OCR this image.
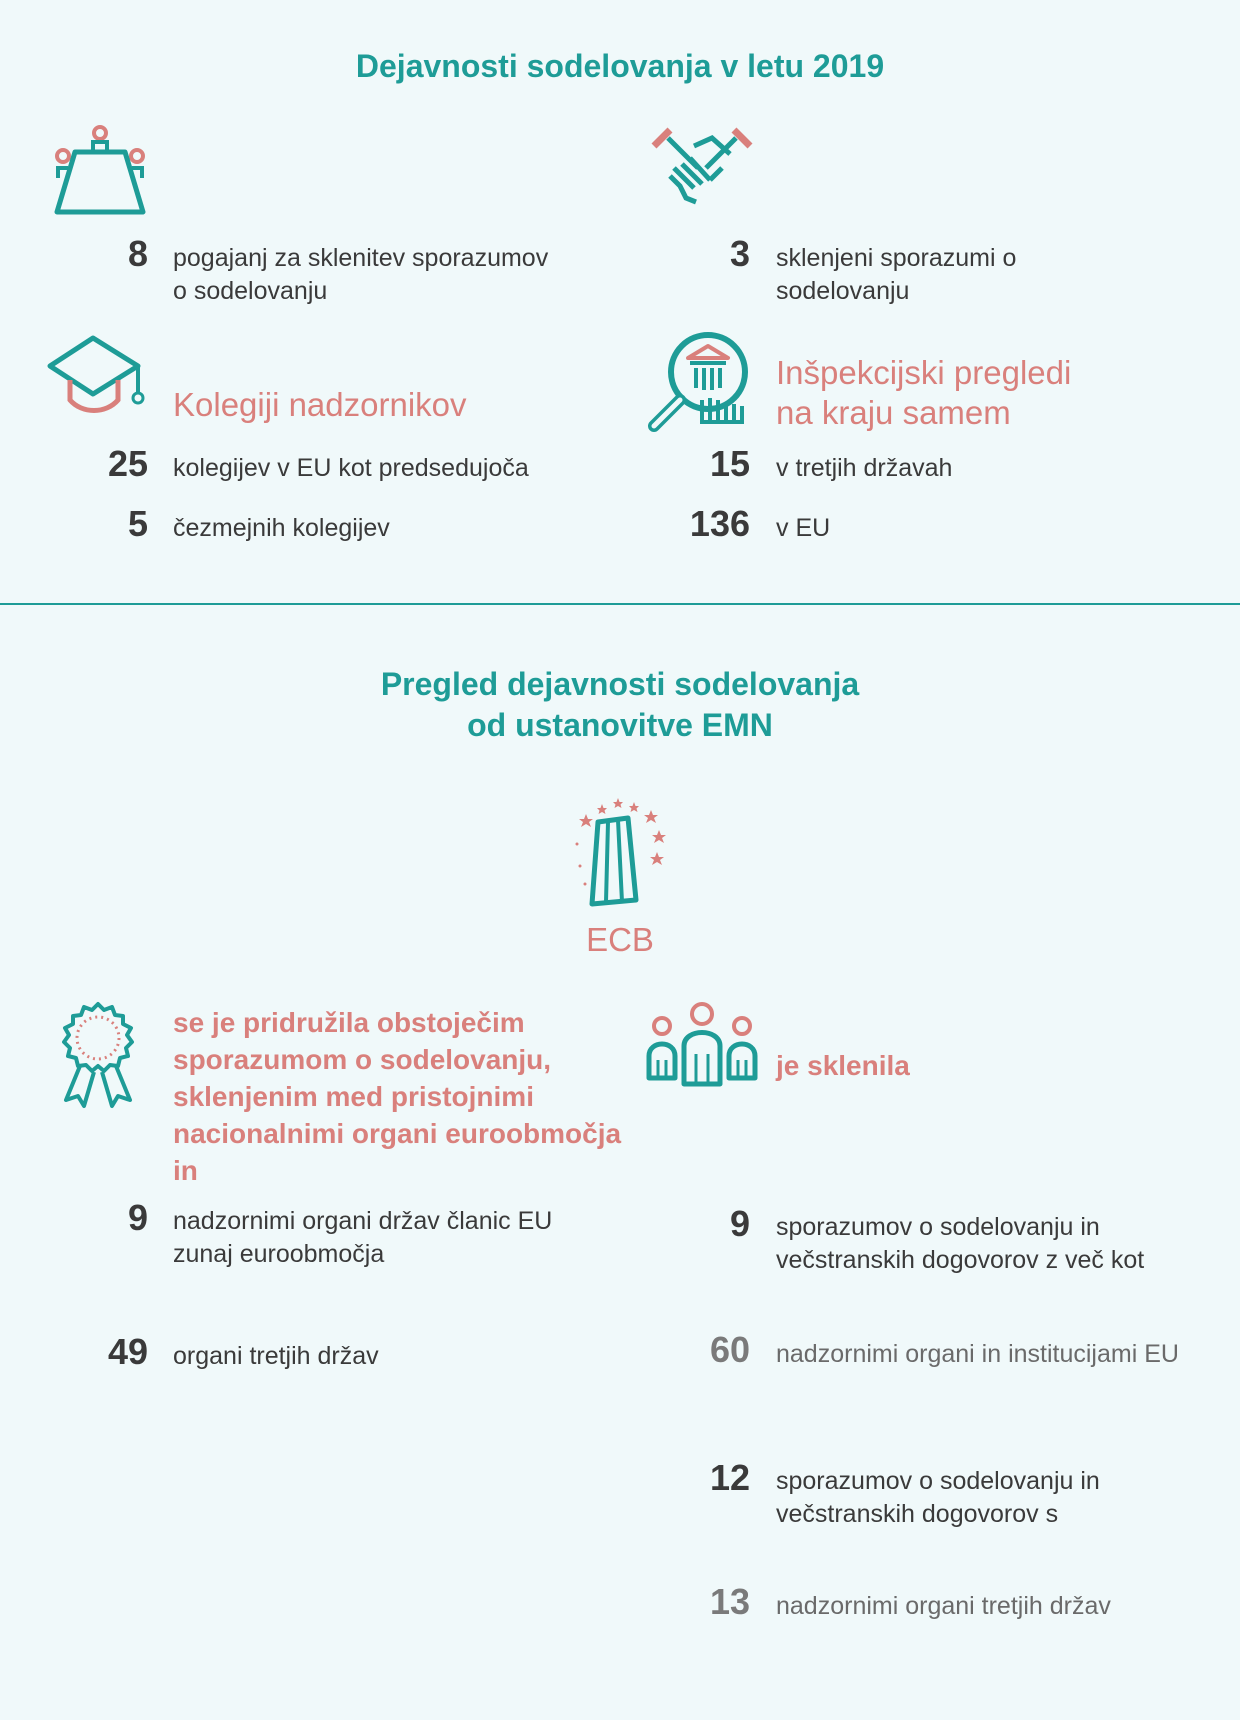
Dejavnosti sodelovanja v letu 2019
8 pogajanj za sklenitev sporazumov o sodelovanju
3 sklenjeni sporazumi o sodelovanju
Kolegiji nadzornikov
25 kolegijev v EU kot predsedujoča
5 čezmejnih kolegijev
Inšpekcijski pregledi na kraju samem
15 v tretjih državah
136 v EU
Pregled dejavnosti sodelovanja
od ustanovitve EMN
ECB
se je pridružila obstoječim sporazumom o sodelovanju, sklenjenim med pristojnimi nacionalnimi organi euroobmočja in
9 nadzornimi organi držav članic EU zunaj euroobmočja
49 organi tretjih držav
je sklenila
9 sporazumov o sodelovanju in večstranskih dogovorov z več kot
60 nadzornimi organi in institucijami EU
12 sporazumov o sodelovanju in večstranskih dogovorov s
13 nadzornimi organi tretjih držav
